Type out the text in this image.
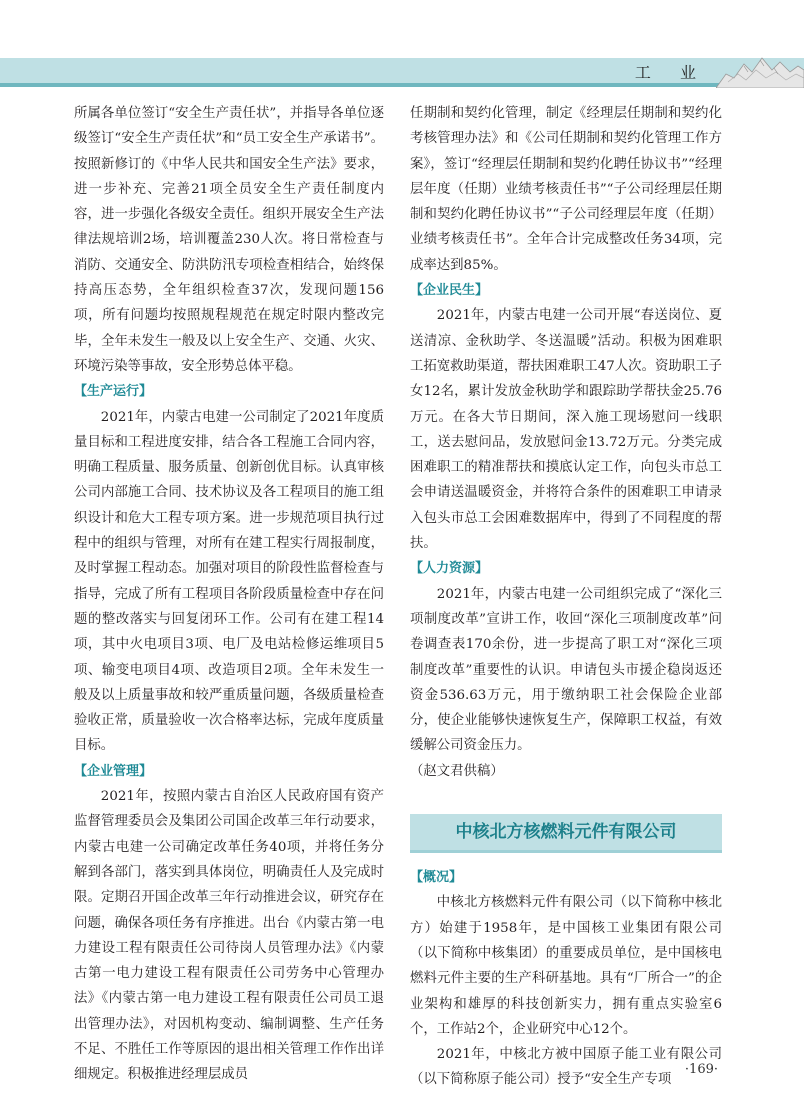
工 业

所属各单位签订“安全生产责任状”，并指导各单位逐级签订“安全生产责任状”和“员工安全生产承诺书”。按照新修订的《中华人民共和国安全生产法》要求，进一步补充、完善21项全员安全生产责任制度内容，进一步强化各级安全责任。组织开展安全生产法律法规培训2场，培训覆盖230人次。将日常检查与消防、交通安全、防洪防汛专项检查相结合，始终保持高压态势，全年组织检查37次，发现问题156项，所有问题均按照规程规范在规定时限内整改完毕，全年未发生一般及以上安全生产、交通、火灾、环境污染等事故，安全形势总体平稳。

【生产运行】

2021年，内蒙古电建一公司制定了2021年度质量目标和工程进度安排，结合各工程施工合同内容，明确工程质量、服务质量、创新创优目标。认真审核公司内部施工合同、技术协议及各工程项目的施工组织设计和危大工程专项方案。进一步规范项目执行过程中的组织与管理，对所有在建工程实行周报制度，及时掌握工程动态。加强对项目的阶段性监督检查与指导，完成了所有工程项目各阶段质量检查中存在问题的整改落实与回复闭环工作。公司有在建工程14项，其中火电项目3项、电厂及电站检修运维项目5项、输变电项目4项、改造项目2项。全年未发生一般及以上质量事故和较严重质量问题，各级质量检查验收正常，质量验收一次合格率达标，完成年度质量目标。

【企业管理】

2021年，按照内蒙古自治区人民政府国有资产监督管理委员会及集团公司国企改革三年行动要求，内蒙古电建一公司确定改革任务40项，并将任务分解到各部门，落实到具体岗位，明确责任人及完成时限。定期召开国企改革三年行动推进会议，研究存在问题，确保各项任务有序推进。出台《内蒙古第一电力建设工程有限责任公司待岗人员管理办法》《内蒙古第一电力建设工程有限责任公司劳务中心管理办法》《内蒙古第一电力建设工程有限责任公司员工退出管理办法》，对因机构变动、编制调整、生产任务不足、不胜任工作等原因的退出相关管理工作作出详细规定。积极推进经理层成员

任期制和契约化管理，制定《经理层任期制和契约化考核管理办法》和《公司任期制和契约化管理工作方案》，签订“经理层任期制和契约化聘任协议书”“经理层年度（任期）业绩考核责任书”“子公司经理层任期制和契约化聘任协议书”“子公司经理层年度（任期）业绩考核责任书”。全年合计完成整改任务34项，完成率达到85%。

【企业民生】

2021年，内蒙古电建一公司开展“春送岗位、夏送清凉、金秋助学、冬送温暖”活动。积极为困难职工拓宽救助渠道，帮扶困难职工47人次。资助职工子女12名，累计发放金秋助学和跟踪助学帮扶金25.76万元。在各大节日期间，深入施工现场慰问一线职工，送去慰问品，发放慰问金13.72万元。分类完成困难职工的精准帮扶和摸底认定工作，向包头市总工会申请送温暖资金，并将符合条件的困难职工申请录入包头市总工会困难数据库中，得到了不同程度的帮扶。

【人力资源】

2021年，内蒙古电建一公司组织完成了“深化三项制度改革”宣讲工作，收回“深化三项制度改革”问卷调查表170余份，进一步提高了职工对“深化三项制度改革”重要性的认识。申请包头市援企稳岗返还资金536.63万元，用于缴纳职工社会保险企业部分，使企业能够快速恢复生产，保障职工权益，有效缓解公司资金压力。

（赵文君供稿）

中核北方核燃料元件有限公司

【概况】

中核北方核燃料元件有限公司（以下简称中核北方）始建于1958年，是中国核工业集团有限公司（以下简称中核集团）的重要成员单位，是中国核电燃料元件主要的生产科研基地。具有“厂所合一”的企业架构和雄厚的科技创新实力，拥有重点实验室6个，工作站2个，企业研究中心12个。

2021年，中核北方被中国原子能工业有限公司（以下简称原子能公司）授予“安全生产专项

·169·
